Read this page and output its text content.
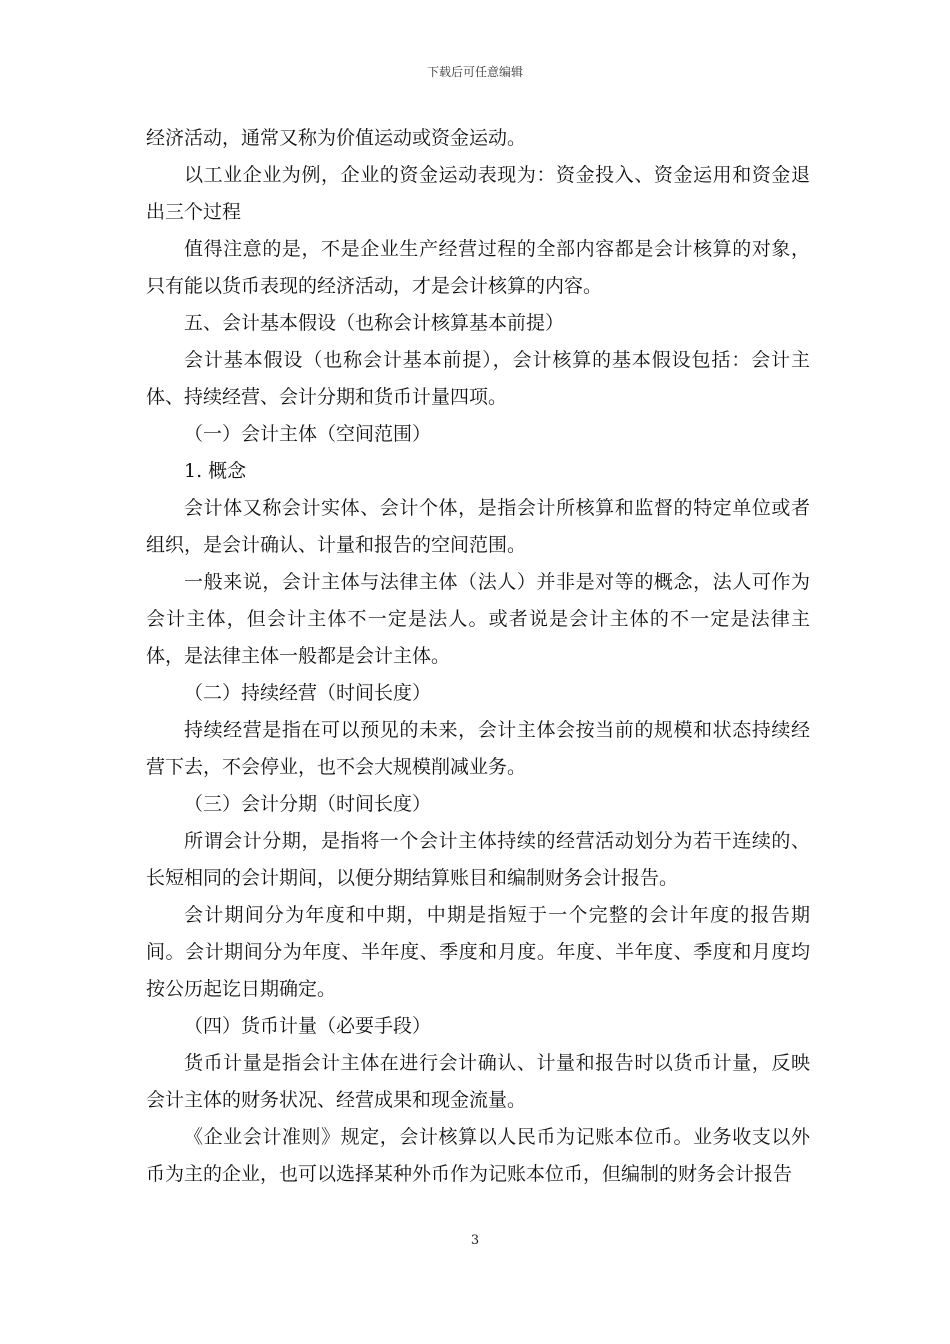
下载后可任意编辑

经济活动，通常又称为价值运动或资金运动。

以工业企业为例，企业的资金运动表现为：资金投入、资金运用和资金退出三个过程

值得注意的是，不是企业生产经营过程的全部内容都是会计核算的对象，只有能以货币表现的经济活动，才是会计核算的内容。

五、会计基本假设（也称会计核算基本前提）

会计基本假设（也称会计基本前提），会计核算的基本假设包括：会计主体、持续经营、会计分期和货币计量四项。

（一）会计主体（空间范围）

1. 概念

会计体又称会计实体、会计个体，是指会计所核算和监督的特定单位或者组织，是会计确认、计量和报告的空间范围。

一般来说，会计主体与法律主体（法人）并非是对等的概念，法人可作为会计主体，但会计主体不一定是法人。或者说是会计主体的不一定是法律主体，是法律主体一般都是会计主体。

（二）持续经营（时间长度）

持续经营是指在可以预见的未来，会计主体会按当前的规模和状态持续经营下去，不会停业，也不会大规模削减业务。

（三）会计分期（时间长度）

所谓会计分期，是指将一个会计主体持续的经营活动划分为若干连续的、长短相同的会计期间，以便分期结算账目和编制财务会计报告。

会计期间分为年度和中期，中期是指短于一个完整的会计年度的报告期间。会计期间分为年度、半年度、季度和月度。年度、半年度、季度和月度均按公历起讫日期确定。

（四）货币计量（必要手段）

货币计量是指会计主体在进行会计确认、计量和报告时以货币计量，反映会计主体的财务状况、经营成果和现金流量。

《企业会计准则》规定，会计核算以人民币为记账本位币。业务收支以外币为主的企业，也可以选择某种外币作为记账本位币，但编制的财务会计报告

3
